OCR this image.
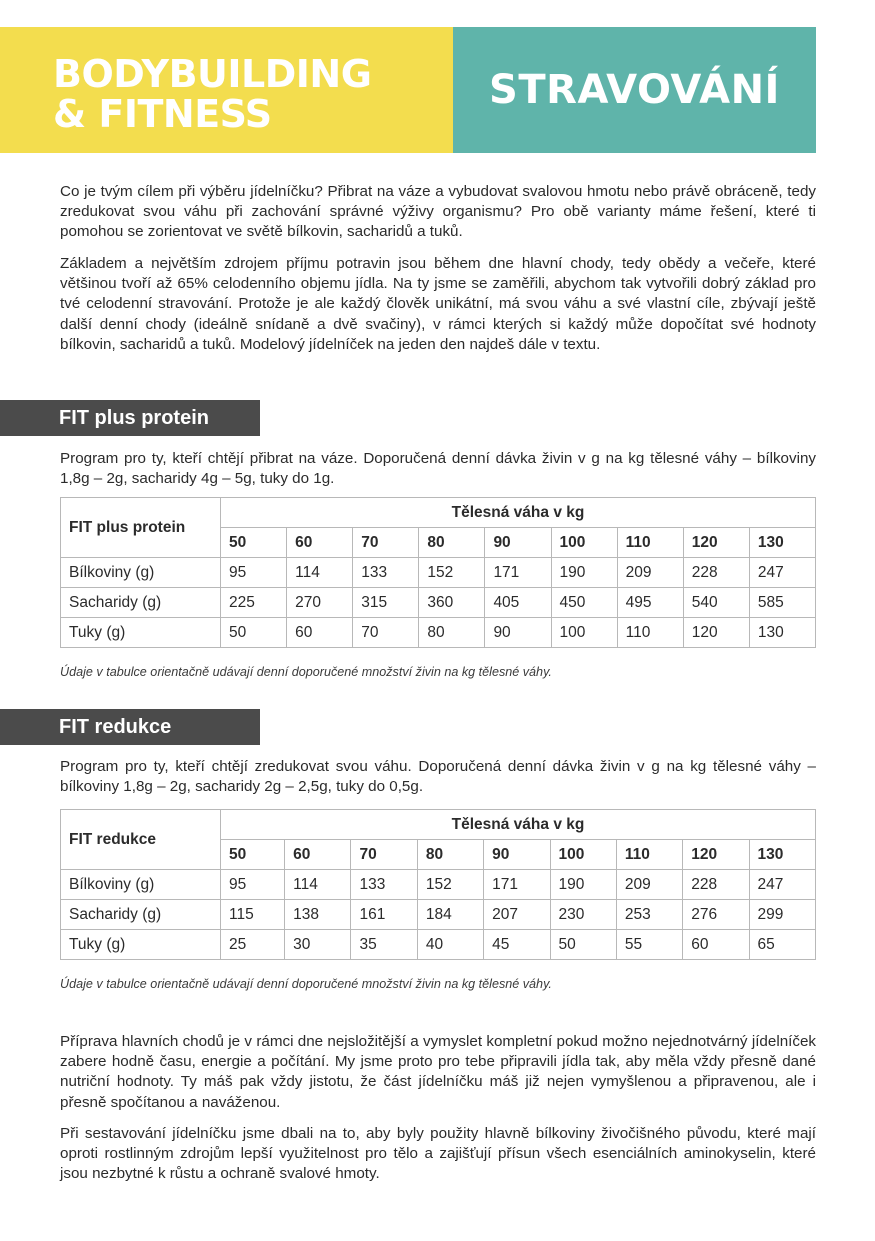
BODYBUILDING
& FITNESS
STRAVOVÁNÍ

Co je tvým cílem při výběru jídelníčku? Přibrat na váze a vybudovat svalovou hmotu nebo právě obráceně, tedy zredukovat svou váhu při zachování správné výživy organismu? Pro obě varianty máme řešení, které ti pomohou se zorientovat ve světě bílkovin, sacharidů a tuků.

Základem a největším zdrojem příjmu potravin jsou během dne hlavní chody, tedy obědy a večeře, které většinou tvoří až 65% celodenního objemu jídla. Na ty jsme se zaměřili, abychom tak vytvořili dobrý základ pro tvé celodenní stravování. Protože je ale každý člověk unikátní, má svou váhu a své vlastní cíle, zbývají ještě další denní chody (ideálně snídaně a dvě svačiny), v rámci kterých si každý může dopočítat své hodnoty bílkovin, sacharidů a tuků. Modelový jídelníček na jeden den najdeš dále v textu.

FIT plus protein

Program pro ty, kteří chtějí přibrat na váze. Doporučená denní dávka živin v g na kg tělesné váhy – bílkoviny 1,8g – 2g, sacharidy 4g – 5g, tuky do 1g.

FIT plus protein	Tělesná váha v kg								
	50	60	70	80	90	100	110	120	130
Bílkoviny (g)	95	114	133	152	171	190	209	228	247
Sacharidy (g)	225	270	315	360	405	450	495	540	585
Tuky (g)	50	60	70	80	90	100	110	120	130
Údaje v tabulce orientačně udávají denní doporučené množství živin na kg tělesné váhy.
FIT redukce

Program pro ty, kteří chtějí zredukovat svou váhu. Doporučená denní dávka živin v g na kg tělesné váhy – bílkoviny 1,8g – 2g, sacharidy 2g – 2,5g, tuky do 0,5g.

FIT redukce	Tělesná váha v kg								
	50	60	70	80	90	100	110	120	130
Bílkoviny (g)	95	114	133	152	171	190	209	228	247
Sacharidy (g)	115	138	161	184	207	230	253	276	299
Tuky (g)	25	30	35	40	45	50	55	60	65
Údaje v tabulce orientačně udávají denní doporučené množství živin na kg tělesné váhy.

Příprava hlavních chodů je v rámci dne nejsložitější a vymyslet kompletní pokud možno nejednotvárný jídelníček zabere hodně času, energie a počítání. My jsme proto pro tebe připravili jídla tak, aby měla vždy přesně dané nutriční hodnoty. Ty máš pak vždy jistotu, že část jídelníčku máš již nejen vymyšlenou a připravenou, ale i přesně spočítanou a naváženou.

Při sestavování jídelníčku jsme dbali na to, aby byly použity hlavně bílkoviny živočišného původu, které mají oproti rostlinným zdrojům lepší využitelnost pro tělo a zajišťují přísun všech esenciálních aminokyselin, které jsou nezbytné k růstu a ochraně svalové hmoty.
